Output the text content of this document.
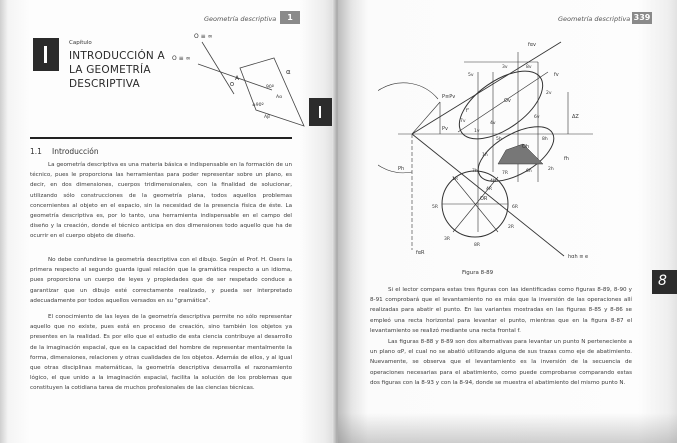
Geometría descriptiva	1
Capítulo
INTRODUCCIÓN A LA GEOMETRÍA DESCRIPTIVA
O ≡ ∞
O ≡ ∞
A
α
90º
Aα
≠90º
Aβ
1.1 Introducción
La geometría descriptiva es una materia básica e indispensable en la formación de un técnico, pues le proporciona las herramientas para poder representar sobre un plano, es decir, en dos dimensiones, cuerpos tridimensionales, con la finalidad de solucionar, utilizando sólo construcciones de la geometría plana, todos aquellos problemas concernientes al objeto en el espacio, sin la necesidad de la presencia física de éste. La geometría descriptiva es, por lo tanto, una herramienta indispensable en el campo del diseño y la creación, donde el técnico anticipa en dos dimensiones todo aquello que ha de ocurrir en el cuerpo objeto de diseño.
No debe confundirse la geometría descriptiva con el dibujo. Según el Prof. H. Osers la primera respecto al segundo guarda igual relación que la gramática respecto a un idioma, pues proporciona un cuerpo de leyes y propiedades que de ser respetado conduce a garantizar que un dibujo esté correctamente realizado, y pueda ser interpretado adecuadamente por todos aquellos versados en su "gramática".
El conocimiento de las leyes de la geometría descriptiva permite no sólo representar aquello que no existe, pues está en proceso de creación, sino también los objetos ya presentes en la realidad. Es por ello que el estudio de esta ciencia contribuye al desarrollo de la imaginación espacial, que es la capacidad del hombre de representar mentalmente la forma, dimensiones, relaciones y otras cualidades de los objetos. Además de ellos, y al igual que otras disciplinas matemáticas, la geometría descriptiva desarrolla el razonamiento lógico, el que unido a la imaginación espacial, facilita la solución de los problemas que constituyen la cotidiana tarea de muchos profesionales de las ciencias técnicas.
Geometría descriptiva 339
fαv
fv
fh
f'
P≡Pv
Pv
Ph
ΔZ
Ov
Oh
OR
hαh ≡ e
fαR
5v
8v
2v
1v
4v
3v
6v
7v
5h	8h
1h
2h
6h
4h
7h
1R
7R
4R
5R	6R
2R
3R
8R
Figura 8-89	8
Si el lector compara estas tres figuras con las identificadas como figuras 8-89, 8-90 y 8-91 comprobará que el levantamiento no es más que la inversión de las operaciones allí realizadas para abatir el punto. En las variantes mostradas en las figuras 8-85 y 8-86 se empleó una recta horizontal para levantar el punto, mientras que en la figura 8-87 el levantamiento se realizó mediante una recta frontal f.
Las figuras 8-88 y 8-89 son dos alternativas para levantar un punto N perteneciente a un plano αP, el cual no se abatió utilizando alguna de sus trazas como eje de abatimiento. Nuevamente, se observa que el levantamiento es la inversión de la secuencia de operaciones necesarias para el abatimiento, como puede comprobarse comparando estas dos figuras con la 8-93 y con la 8-94, donde se muestra el abatimiento del mismo punto N.
